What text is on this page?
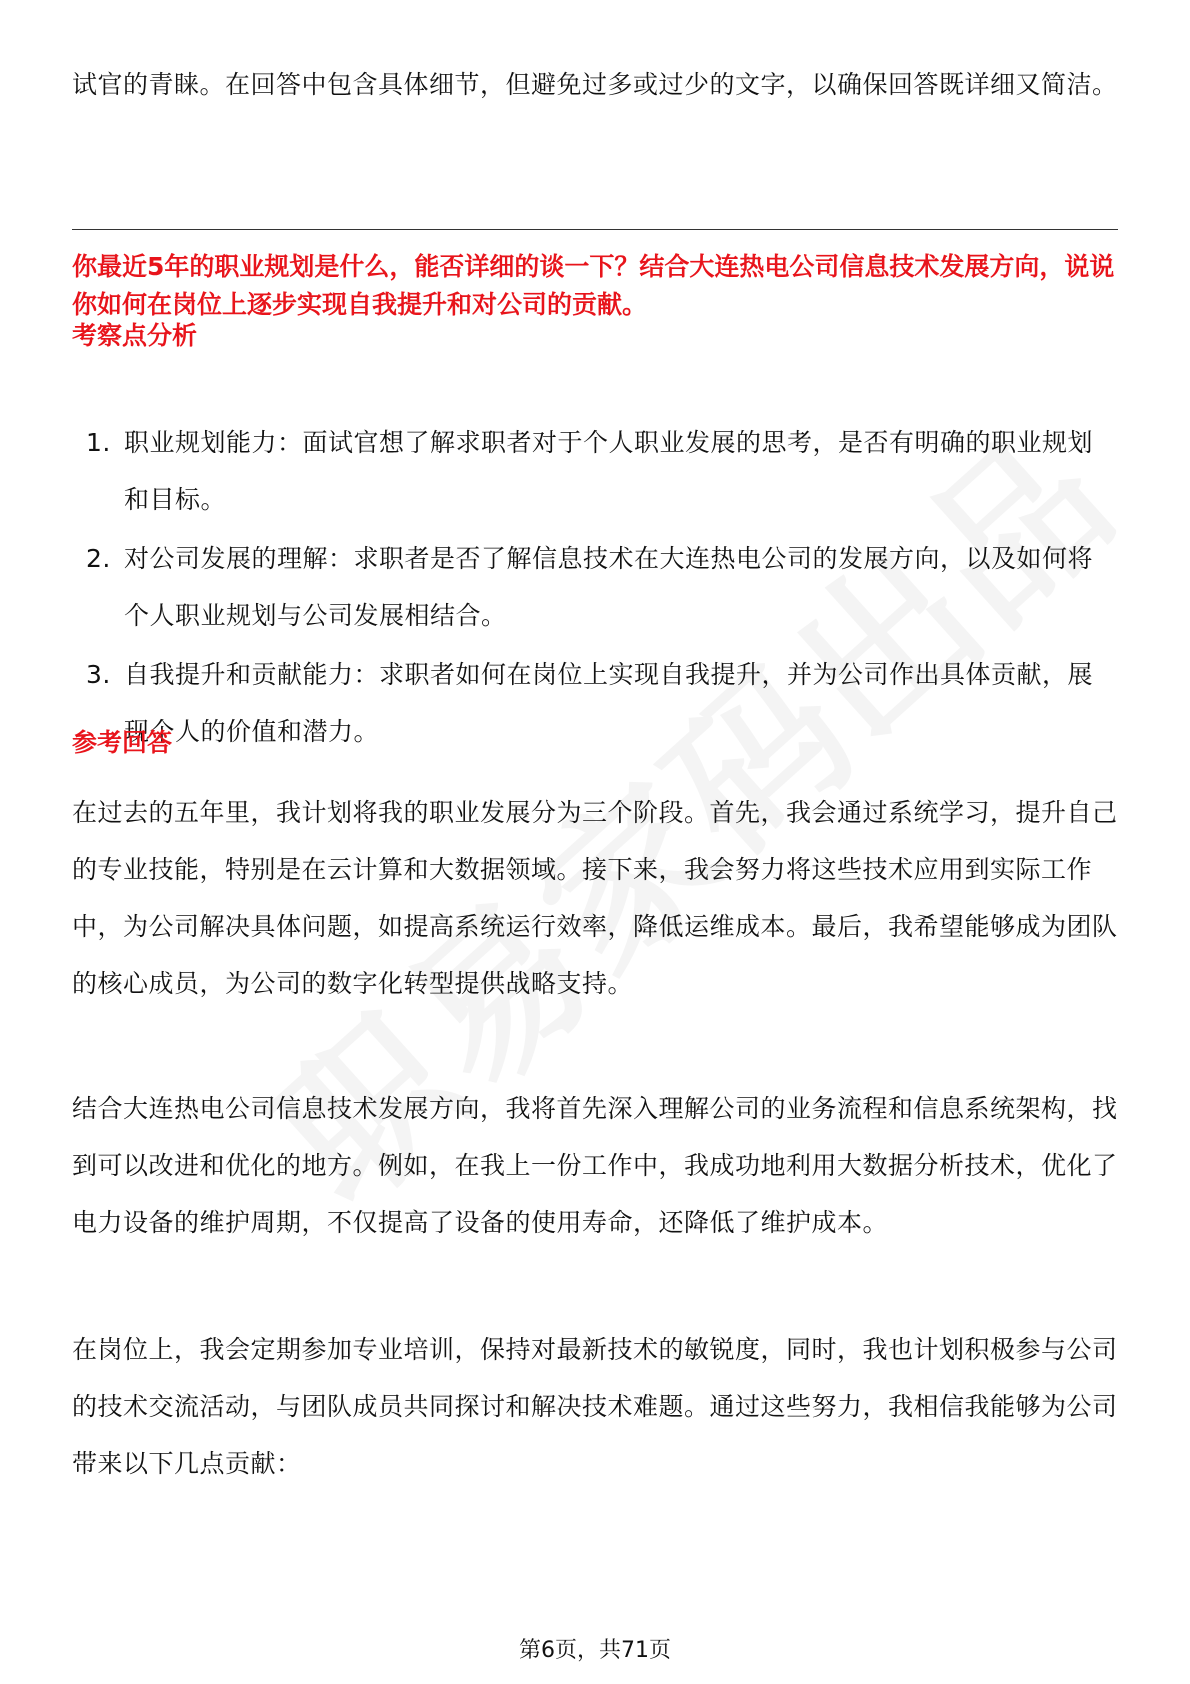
试官的青睐。在回答中包含具体细节，但避免过多或过少的文字，以确保回答既详细又简洁。

你最近5年的职业规划是什么，能否详细的谈一下？结合大连热电公司信息技术发展方向，说说你如何在岗位上逐步实现自我提升和对公司的贡献。

考察点分析

1. 职业规划能力：面试官想了解求职者对于个人职业发展的思考，是否有明确的职业规划和目标。
2. 对公司发展的理解：求职者是否了解信息技术在大连热电公司的发展方向，以及如何将个人职业规划与公司发展相结合。
3. 自我提升和贡献能力：求职者如何在岗位上实现自我提升，并为公司作出具体贡献，展现个人的价值和潜力。

参考回答

在过去的五年里，我计划将我的职业发展分为三个阶段。首先，我会通过系统学习，提升自己的专业技能，特别是在云计算和大数据领域。接下来，我会努力将这些技术应用到实际工作中，为公司解决具体问题，如提高系统运行效率，降低运维成本。最后，我希望能够成为团队的核心成员，为公司的数字化转型提供战略支持。

结合大连热电公司信息技术发展方向，我将首先深入理解公司的业务流程和信息系统架构，找到可以改进和优化的地方。例如，在我上一份工作中，我成功地利用大数据分析技术，优化了电力设备的维护周期，不仅提高了设备的使用寿命，还降低了维护成本。

在岗位上，我会定期参加专业培训，保持对最新技术的敏锐度，同时，我也计划积极参与公司的技术交流活动，与团队成员共同探讨和解决技术难题。通过这些努力，我相信我能够为公司带来以下几点贡献：

第6页，共71页
